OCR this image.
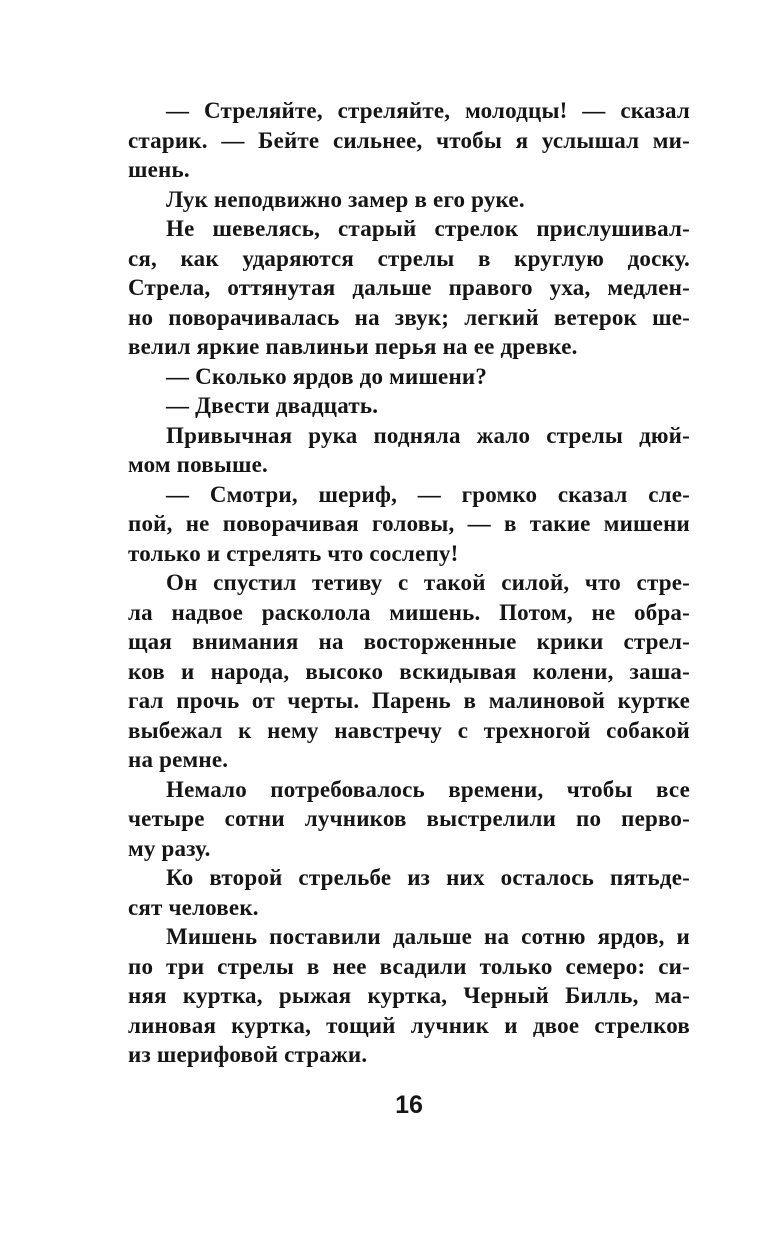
— Стреляйте, стреляйте, молодцы! — сказал
старик. — Бейте сильнее, чтобы я услышал ми-
шень.
Лук неподвижно замер в его руке.
Не шевелясь, старый стрелок прислушивал-
ся, как ударяются стрелы в круглую доску.
Стрела, оттянутая дальше правого уха, медлен-
но поворачивалась на звук; легкий ветерок ше-
велил яркие павлиньи перья на ее древке.
— Сколько ярдов до мишени?
— Двести двадцать.
Привычная рука подняла жало стрелы дюй-
мом повыше.
— Смотри, шериф, — громко сказал сле-
пой, не поворачивая головы, — в такие мишени
только и стрелять что сослепу!
Он спустил тетиву с такой силой, что стре-
ла надвое расколола мишень. Потом, не обра-
щая внимания на восторженные крики стрел-
ков и народа, высоко вскидывая колени, заша-
гал прочь от черты. Парень в малиновой куртке
выбежал к нему навстречу с трехногой собакой
на ремне.
Немало потребовалось времени, чтобы все
четыре сотни лучников выстрелили по перво-
му разу.
Ко второй стрельбе из них осталось пятьде-
сят человек.
Мишень поставили дальше на сотню ярдов, и
по три стрелы в нее всадили только семеро: си-
няя куртка, рыжая куртка, Черный Билль, ма-
линовая куртка, тощий лучник и двое стрелков
из шерифовой стражи.
16
